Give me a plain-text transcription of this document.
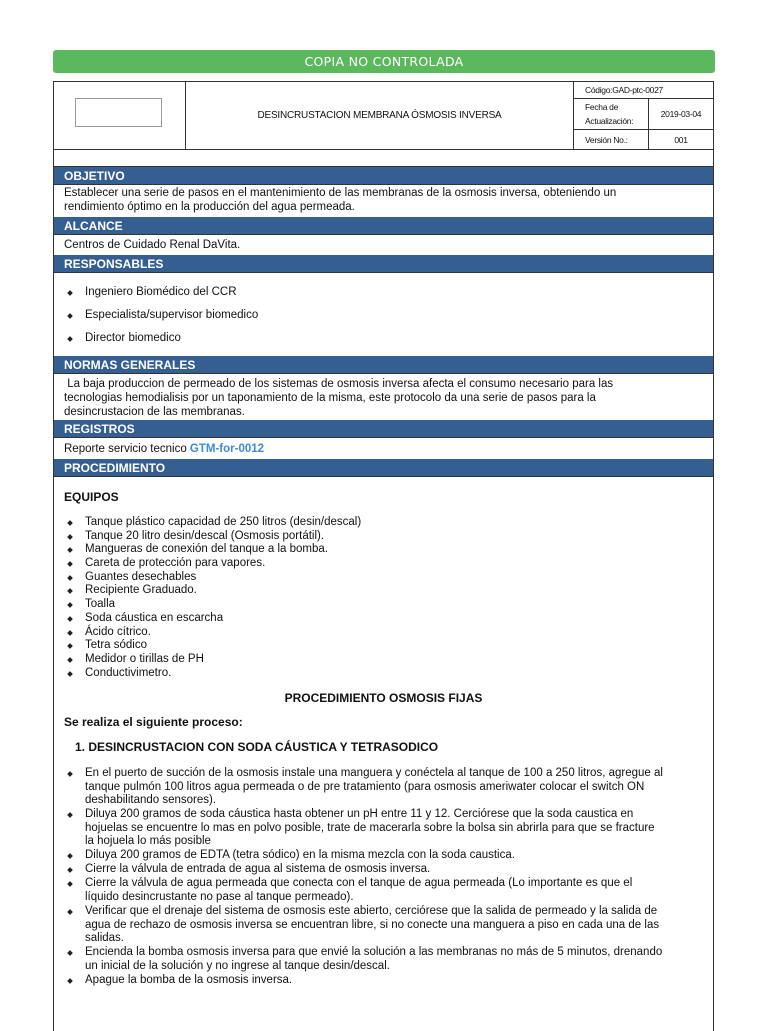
COPIA NO CONTROLADA
DESINCRUSTACION MEMBRANA ÓSMOSIS INVERSA
Código:GAD-ptc-0027
Fecha de Actualización:
2019-03-04
Versión No.:	001
OBJETIVO
Establecer una serie de pasos en el mantenimiento de las membranas de la osmosis inversa, obteniendo un
rendimiento óptimo en la producción del agua permeada.
ALCANCE
Centros de Cuidado Renal DaVita.
RESPONSABLES
Ingeniero Biomédico del CCR
Especialista/supervisor biomedico
Director biomedico
NORMAS GENERALES
La baja produccion de permeado de los sistemas de osmosis inversa afecta el consumo necesario para las
tecnologias hemodialisis por un taponamiento de la misma, este protocolo da una serie de pasos para la
desincrustacion de las membranas.
REGISTROS
Reporte servicio tecnico GTM-for-0012
PROCEDIMIENTO
EQUIPOS
Tanque plástico capacidad de 250 litros (desin/descal)
Tanque 20 litro desin/descal (Osmosis portátil).
Mangueras de conexión del tanque a la bomba.
Careta de protección para vapores.
Guantes desechables
Recipiente Graduado.
Toalla
Soda cáustica en escarcha
Ácido cítrico.
Tetra sódico
Medidor o tirillas de PH
Conductivimetro.
PROCEDIMIENTO OSMOSIS FIJAS
Se realiza el siguiente proceso:
1. DESINCRUSTACION CON SODA CÁUSTICA Y TETRASODICO
En el puerto de succión de la osmosis instale una manguera y conéctela al tanque de 100 a 250 litros, agregue al
tanque pulmón 100 litros agua permeada o de pre tratamiento (para osmosis ameriwater colocar el switch ON
deshabilitando sensores).
Diluya 200 gramos de soda cáustica hasta obtener un pH entre 11 y 12. Cerciórese que la soda caustica en
hojuelas se encuentre lo mas en polvo posible, trate de macerarla sobre la bolsa sin abrirla para que se fracture
la hojuela lo más posible
Diluya 200 gramos de EDTA (tetra sódico) en la misma mezcla con la soda caustica.
Cierre la válvula de entrada de agua al sistema de osmosis inversa.
Cierre la válvula de agua permeada que conecta con el tanque de agua permeada (Lo importante es que el
líquido desincrustante no pase al tanque permeado).
Verificar que el drenaje del sistema de osmosis este abierto, cerciórese que la salida de permeado y la salida de
agua de rechazo de osmosis inversa se encuentran libre, si no conecte una manguera a piso en cada una de las
salidas.
Encienda la bomba osmosis inversa para que envié la solución a las membranas no más de 5 minutos, drenando
un inicial de la solución y no ingrese al tanque desin/descal.
Apague la bomba de la osmosis inversa.
